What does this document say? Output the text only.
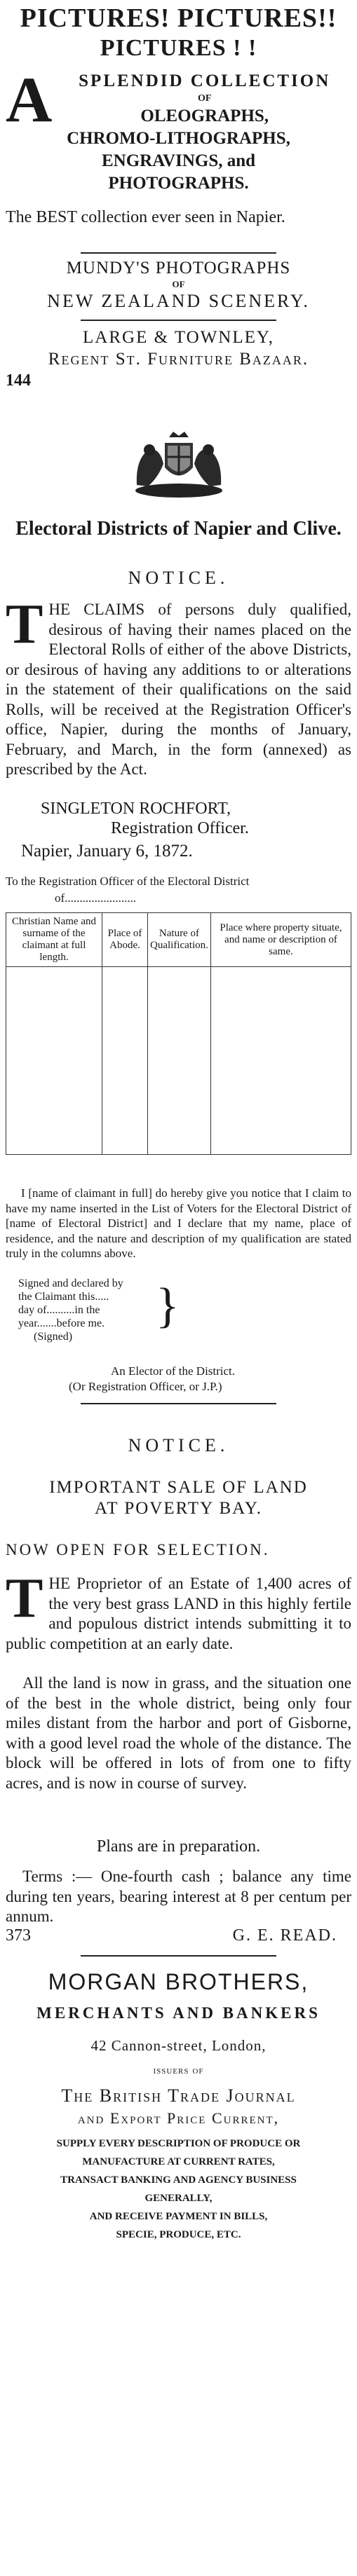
PICTURES! PICTURES!!
PICTURES ! !
A	SPLENDID COLLECTION
OF
OLEOGRAPHS,
CHROMO-LITHOGRAPHS,
ENGRAVINGS, and
PHOTOGRAPHS.
The BEST collection ever seen in Napier.
MUNDY'S PHOTOGRAPHS
OF
NEW ZEALAND SCENERY.
LARGE & TOWNLEY,
Regent St. Furniture Bazaar.
144
Electoral Districts of Napier and Clive.
NOTICE.
THE CLAIMS of persons duly qualified, desirous of having their names placed on the Electoral Rolls of either of the above Districts, or desirous of having any additions to or alterations in the statement of their qualifications on the said Rolls, will be received at the Registration Officer's office, Napier, during the months of January, February, and March, in the form (annexed) as prescribed by the Act.
SINGLETON ROCHFORT,
Registration Officer.
Napier, January 6, 1872.
To the Registration Officer of the Electoral District
of........................
Christian Name and surname of the claimant at full length.	Place of Abode.	Nature of Qualification.	Place where property situate, and name or description of same.

I [name of claimant in full] do hereby give you notice that I claim to have my name inserted in the List of Voters for the Electoral District of [name of Electoral District] and I declare that my name, place of residence, and the nature and description of my qualification are stated truly in the columns above.
Signed and declared by
the Claimant this.....
day of..........in the
year.......before me.
(Signed)
}
An Elector of the District.
(Or Registration Officer, or J.P.)
NOTICE.
IMPORTANT SALE OF LAND
AT POVERTY BAY.
NOW OPEN FOR SELECTION.
THE Proprietor of an Estate of 1,400 acres of the very best grass LAND in this highly fertile and populous district intends submitting it to public competition at an early date.
All the land is now in grass, and the situation one of the best in the whole district, being only four miles distant from the harbor and port of Gisborne, with a good level road the whole of the distance. The block will be offered in lots of from one to fifty acres, and is now in course of survey.
Plans are in preparation.
Terms :— One-fourth cash ; balance any time during ten years, bearing interest at 8 per centum per annum.
373	G. E. READ.
MORGAN BROTHERS,
MERCHANTS AND BANKERS
42 Cannon-street, London,
issuers of
The British Trade Journal
and Export Price Current,
SUPPLY EVERY DESCRIPTION OF PRODUCE OR
MANUFACTURE AT CURRENT RATES,
TRANSACT BANKING AND AGENCY BUSINESS
GENERALLY,
AND RECEIVE PAYMENT IN BILLS,
SPECIE, PRODUCE, ETC.
